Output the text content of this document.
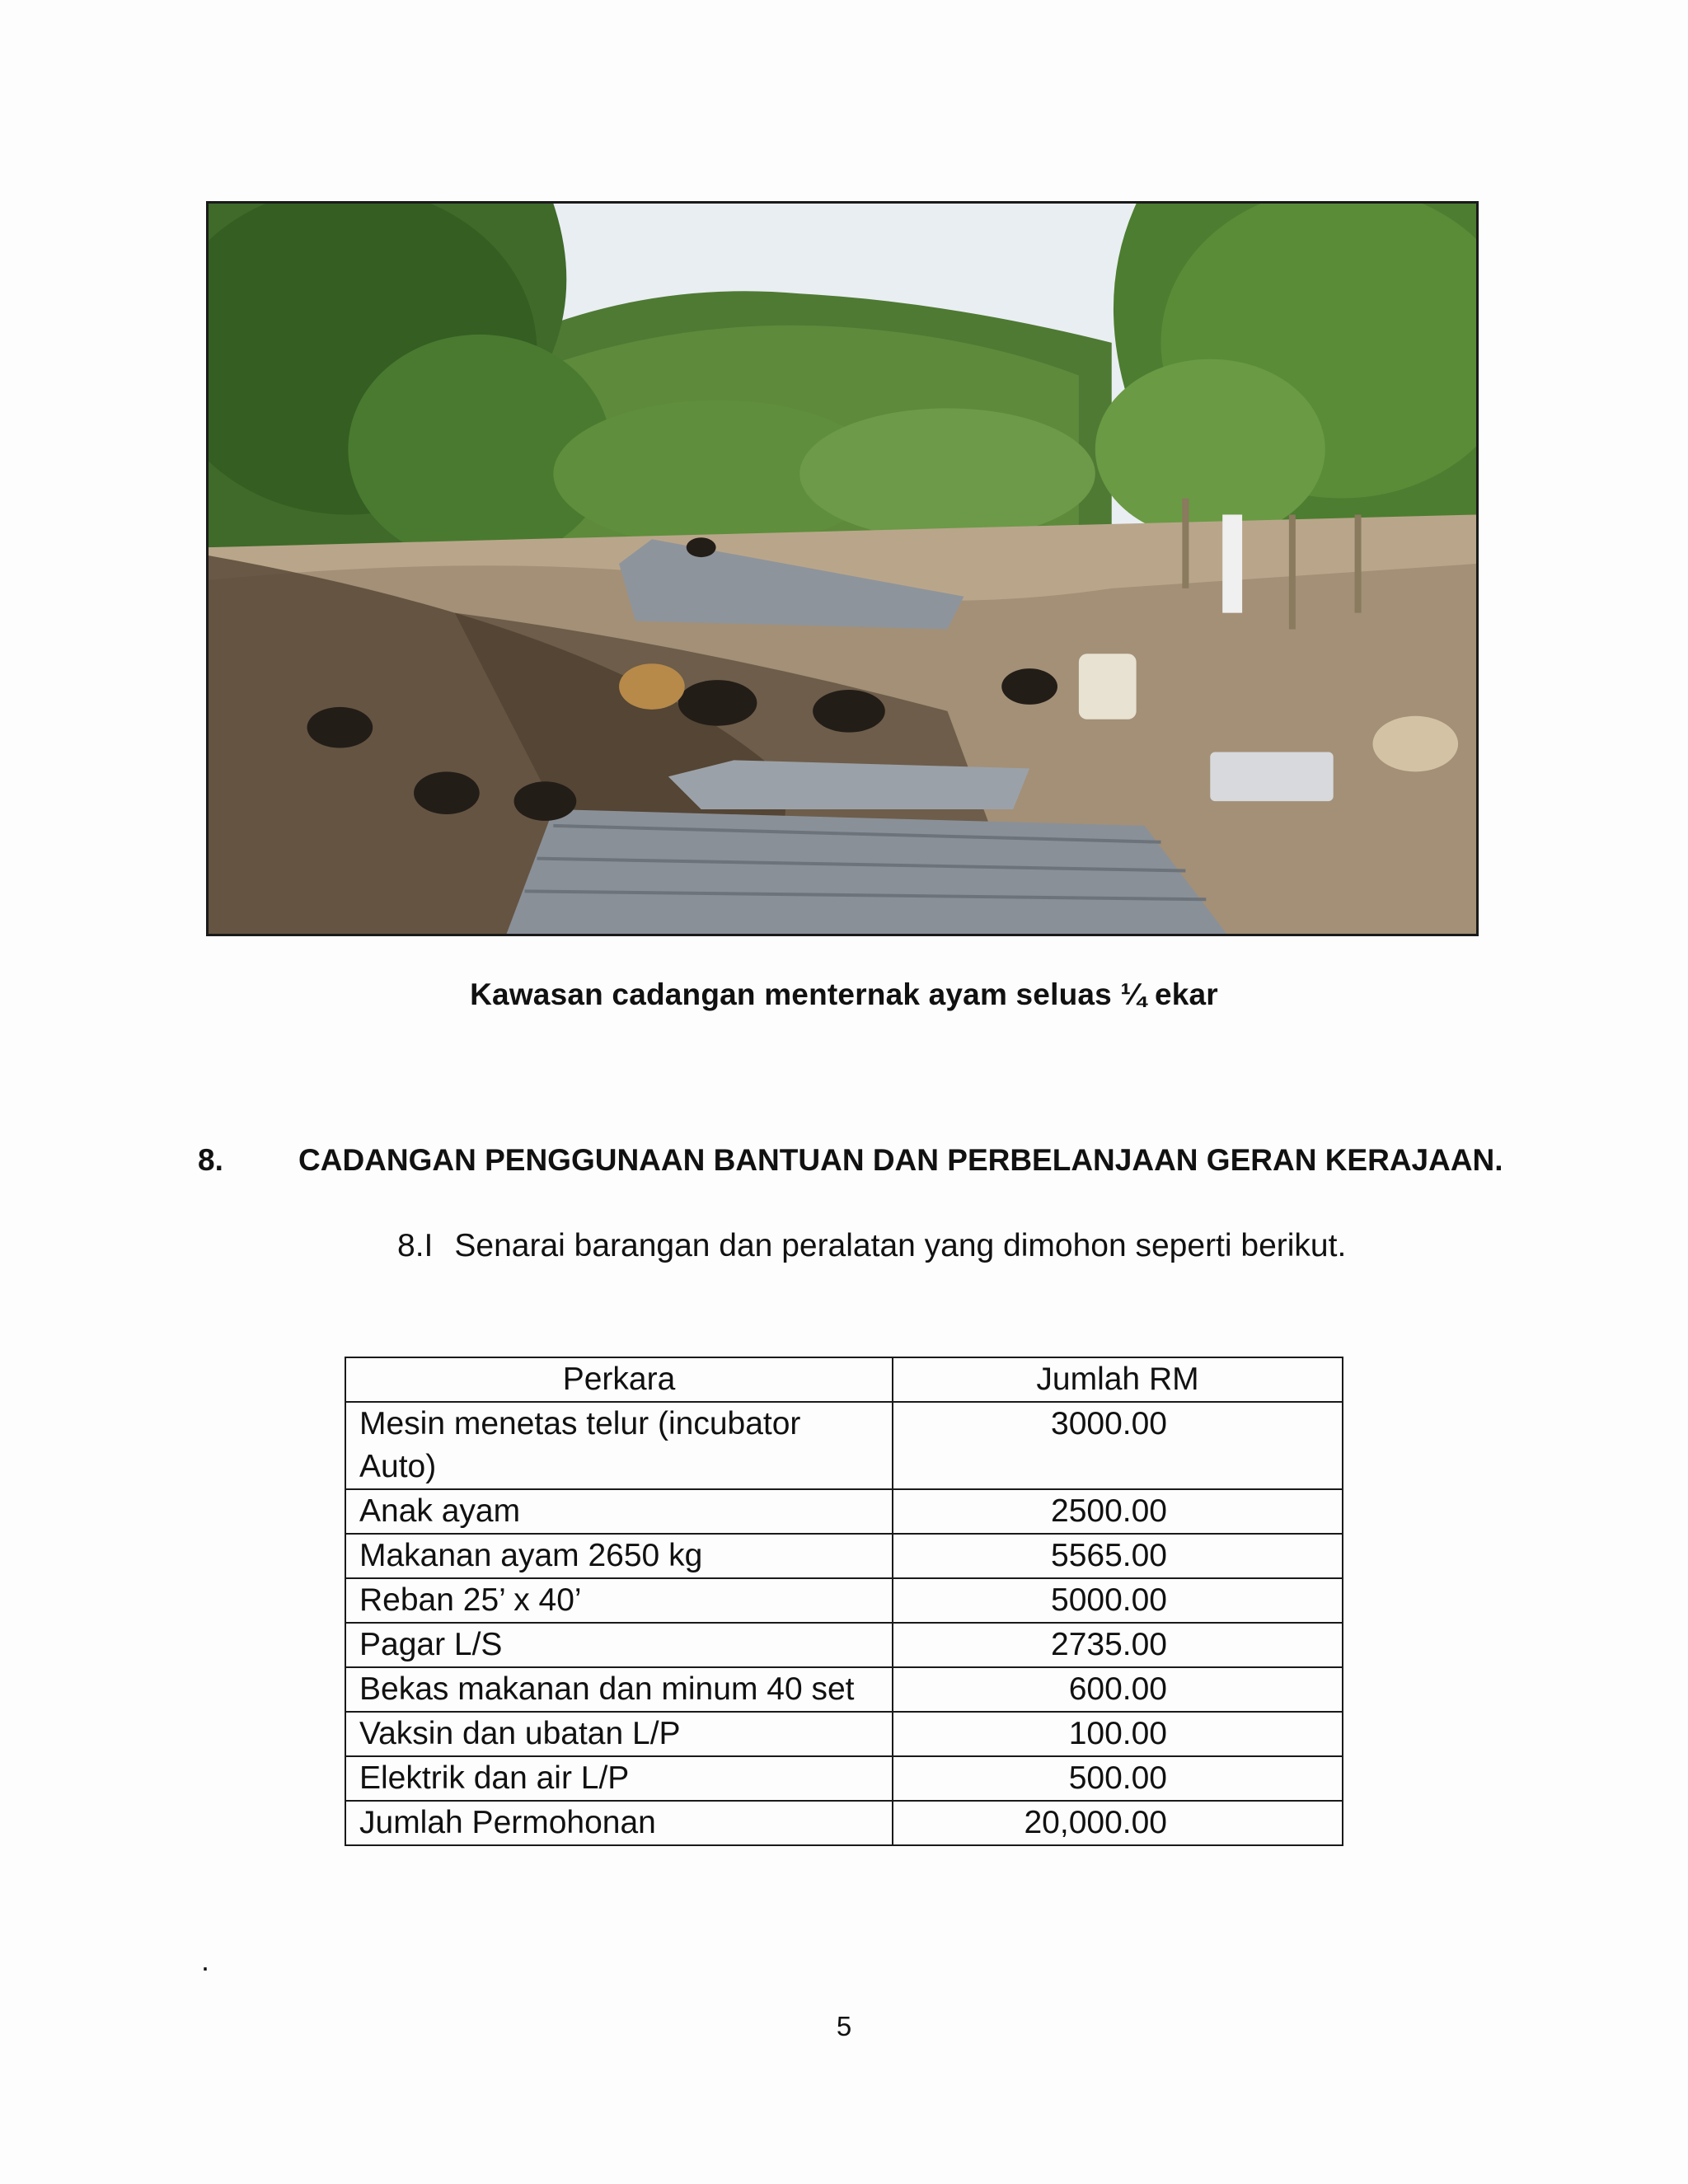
Kawasan cadangan menternak ayam seluas ¼ ekar
8. CADANGAN PENGGUNAAN BANTUAN DAN PERBELANJAAN GERAN KERAJAAN.
8.I Senarai barangan dan peralatan yang dimohon seperti berikut.
Perkara	Jumlah RM
Mesin menetas telur (incubator Auto)	3000.00
Anak ayam	2500.00
Makanan ayam 2650 kg	5565.00
Reban 25’ x 40’	5000.00
Pagar L/S	2735.00
Bekas makanan dan minum 40 set	600.00
Vaksin dan ubatan L/P	100.00
Elektrik dan air L/P	500.00
Jumlah Permohonan	20,000.00
.
5
